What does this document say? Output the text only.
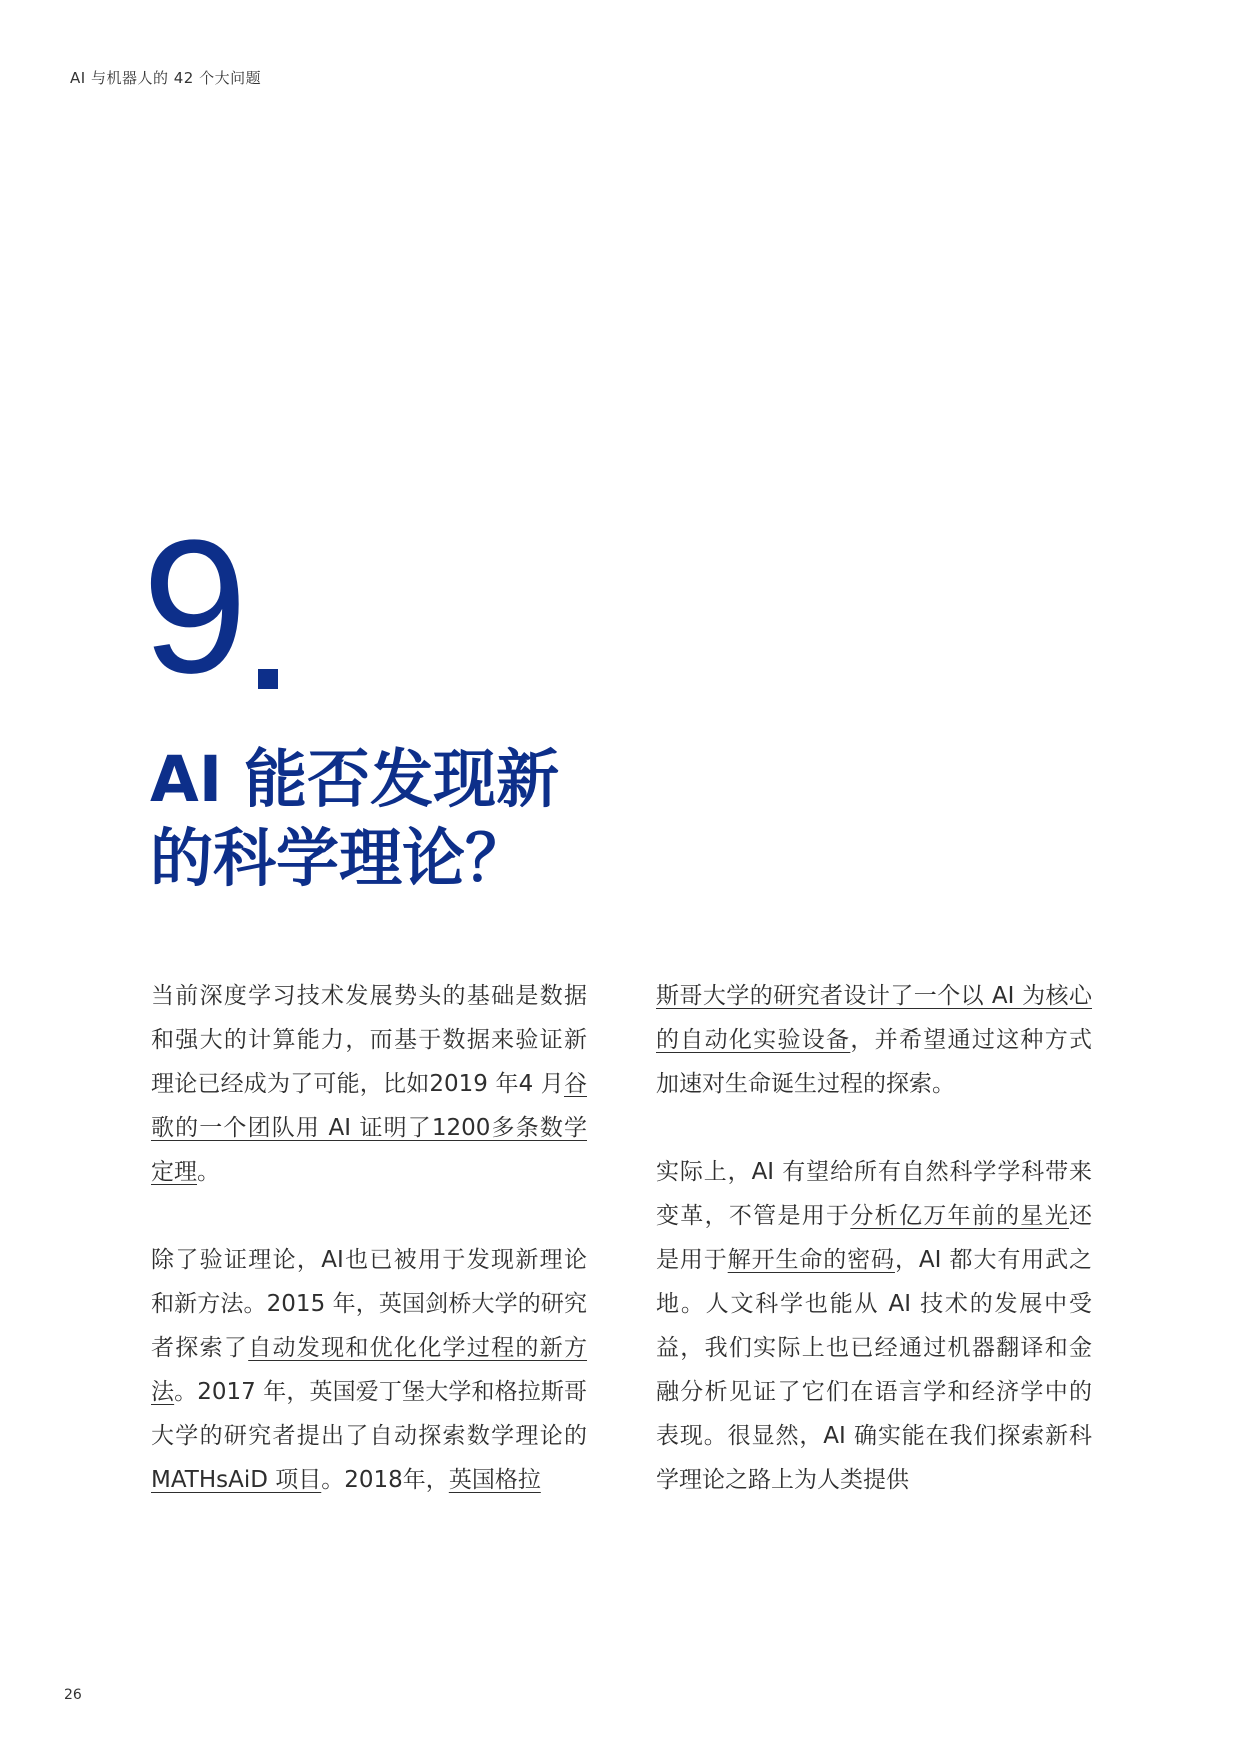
AI 与机器人的 42 个大问题
9
AI 能否发现新
的科学理论？

当前深度学习技术发展势头的基础是数据和强大的计算能力，而基于数据来验证新理论已经成为了可能，比如2019 年4 月谷歌的一个团队用 AI 证明了1200多条数学定理。

除了验证理论，AI也已被用于发现新理论和新方法。2015 年，英国剑桥大学的研究者探索了自动发现和优化化学过程的新方法。2017 年，英国爱丁堡大学和格拉斯哥大学的研究者提出了自动探索数学理论的 MATHsAiD 项目。2018年，英国格拉

斯哥大学的研究者设计了一个以 AI 为核心的自动化实验设备，并希望通过这种方式加速对生命诞生过程的探索。

实际上，AI 有望给所有自然科学学科带来变革，不管是用于分析亿万年前的星光还是用于解开生命的密码，AI 都大有用武之地。人文科学也能从 AI 技术的发展中受益，我们实际上也已经通过机器翻译和金融分析见证了它们在语言学和经济学中的表现。很显然，AI 确实能在我们探索新科学理论之路上为人类提供

26
